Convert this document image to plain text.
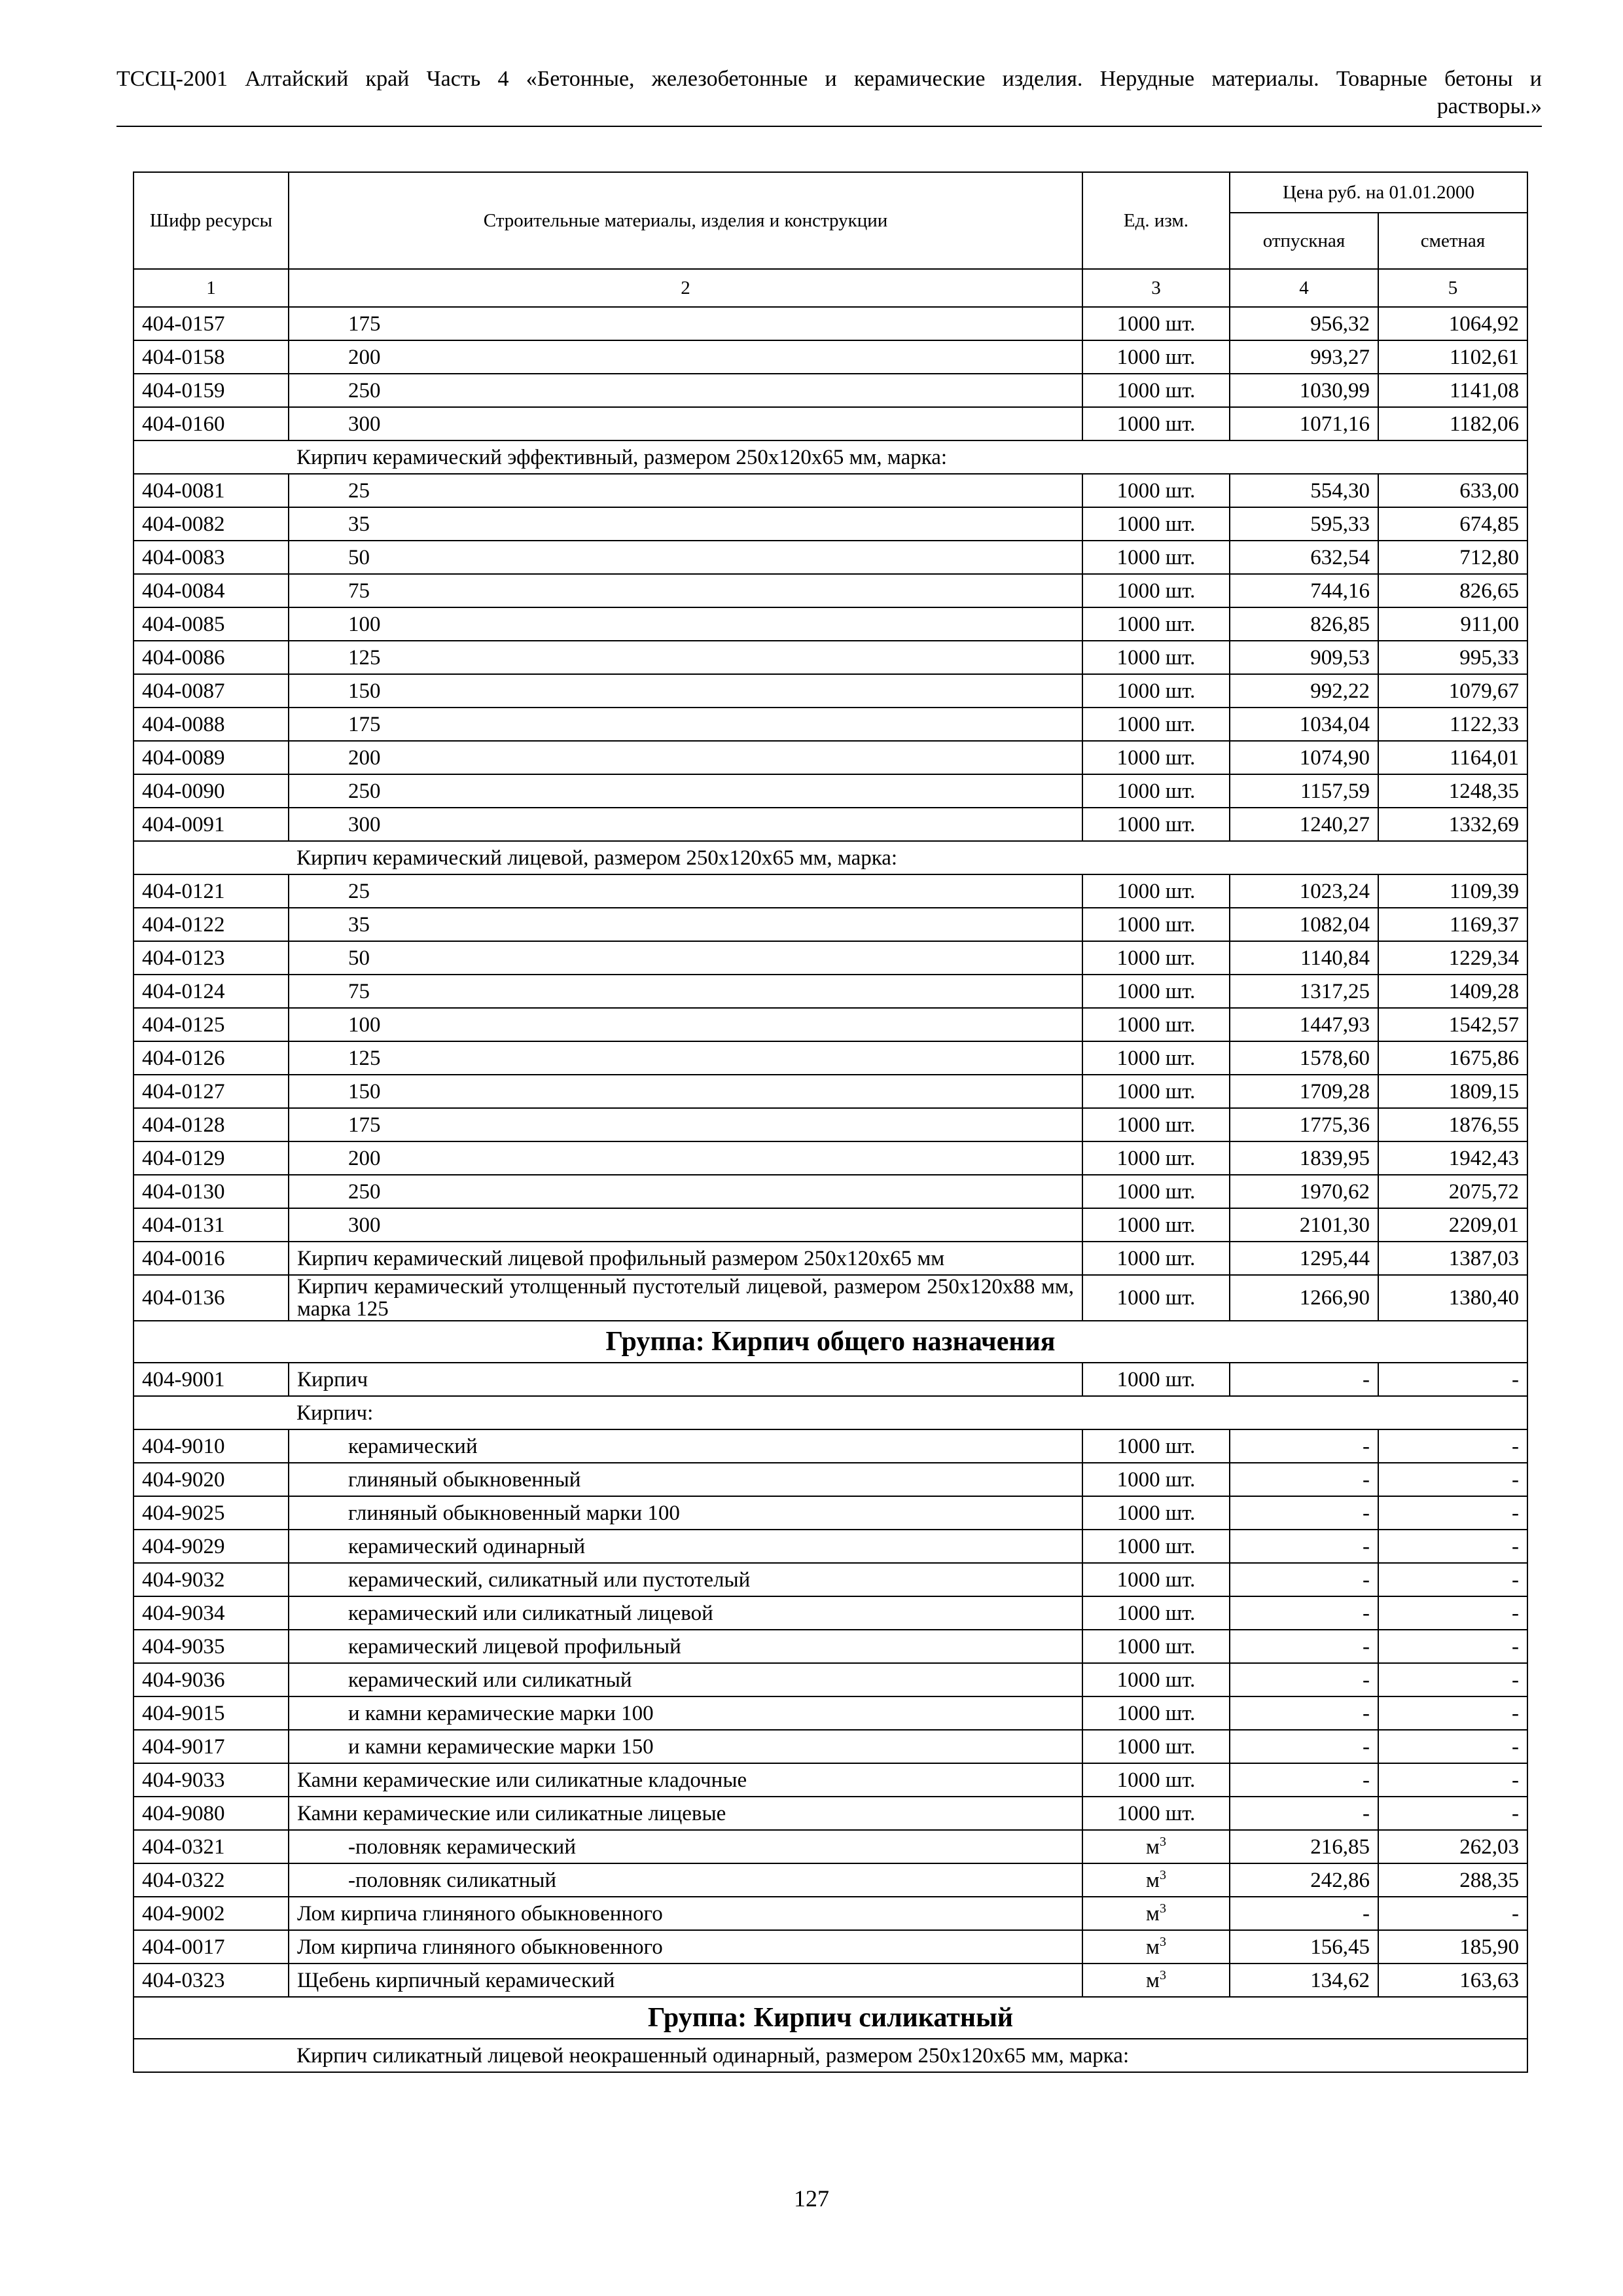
ТССЦ-2001 Алтайский край Часть 4 «Бетонные, железобетонные и керамические изделия. Нерудные материалы. Товарные бетоны и
растворы.»
Шифр ресурсы	Строительные материалы, изделия и конструкции	Ед. изм.	Цена руб. на 01.01.2000	
			отпускная	сметная
1	2	3	4	5
404-0157	175	1000 шт.	956,32	1064,92
404-0158	200	1000 шт.	993,27	1102,61
404-0159	250	1000 шт.	1030,99	1141,08
404-0160	300	1000 шт.	1071,16	1182,06
	Кирпич керамический эффективный, размером 250х120х65 мм, марка:			
404-0081	25	1000 шт.	554,30	633,00
404-0082	35	1000 шт.	595,33	674,85
404-0083	50	1000 шт.	632,54	712,80
404-0084	75	1000 шт.	744,16	826,65
404-0085	100	1000 шт.	826,85	911,00
404-0086	125	1000 шт.	909,53	995,33
404-0087	150	1000 шт.	992,22	1079,67
404-0088	175	1000 шт.	1034,04	1122,33
404-0089	200	1000 шт.	1074,90	1164,01
404-0090	250	1000 шт.	1157,59	1248,35
404-0091	300	1000 шт.	1240,27	1332,69
	Кирпич керамический лицевой, размером 250х120х65 мм, марка:			
404-0121	25	1000 шт.	1023,24	1109,39
404-0122	35	1000 шт.	1082,04	1169,37
404-0123	50	1000 шт.	1140,84	1229,34
404-0124	75	1000 шт.	1317,25	1409,28
404-0125	100	1000 шт.	1447,93	1542,57
404-0126	125	1000 шт.	1578,60	1675,86
404-0127	150	1000 шт.	1709,28	1809,15
404-0128	175	1000 шт.	1775,36	1876,55
404-0129	200	1000 шт.	1839,95	1942,43
404-0130	250	1000 шт.	1970,62	2075,72
404-0131	300	1000 шт.	2101,30	2209,01
404-0016	Кирпич керамический лицевой профильный размером 250х120х65 мм	1000 шт.	1295,44	1387,03
404-0136	Кирпич керамический утолщенный пустотелый лицевой, размером 250х120х88 мм, марка 125	1000 шт.	1266,90	1380,40
Группа: Кирпич общего назначения				
404-9001	Кирпич	1000 шт.	-	-
	Кирпич:			
404-9010	керамический	1000 шт.	-	-
404-9020	глиняный обыкновенный	1000 шт.	-	-
404-9025	глиняный обыкновенный марки 100	1000 шт.	-	-
404-9029	керамический одинарный	1000 шт.	-	-
404-9032	керамический, силикатный или пустотелый	1000 шт.	-	-
404-9034	керамический или силикатный лицевой	1000 шт.	-	-
404-9035	керамический лицевой профильный	1000 шт.	-	-
404-9036	керамический или силикатный	1000 шт.	-	-
404-9015	и камни керамические марки 100	1000 шт.	-	-
404-9017	и камни керамические марки 150	1000 шт.	-	-
404-9033	Камни керамические или силикатные кладочные	1000 шт.	-	-
404-9080	Камни керамические или силикатные лицевые	1000 шт.	-	-
404-0321	-половняк керамический	$м^3$	216,85	262,03
404-0322	-половняк силикатный	$м^3$	242,86	288,35
404-9002	Лом кирпича глиняного обыкновенного	$м^3$	-	-
404-0017	Лом кирпича глиняного обыкновенного	$м^3$	156,45	185,90
404-0323	Щебень кирпичный керамический	$м^3$	134,62	163,63
Группа: Кирпич силикатный				
	Кирпич силикатный лицевой неокрашенный одинарный, размером 250х120х65 мм, марка:			
127
